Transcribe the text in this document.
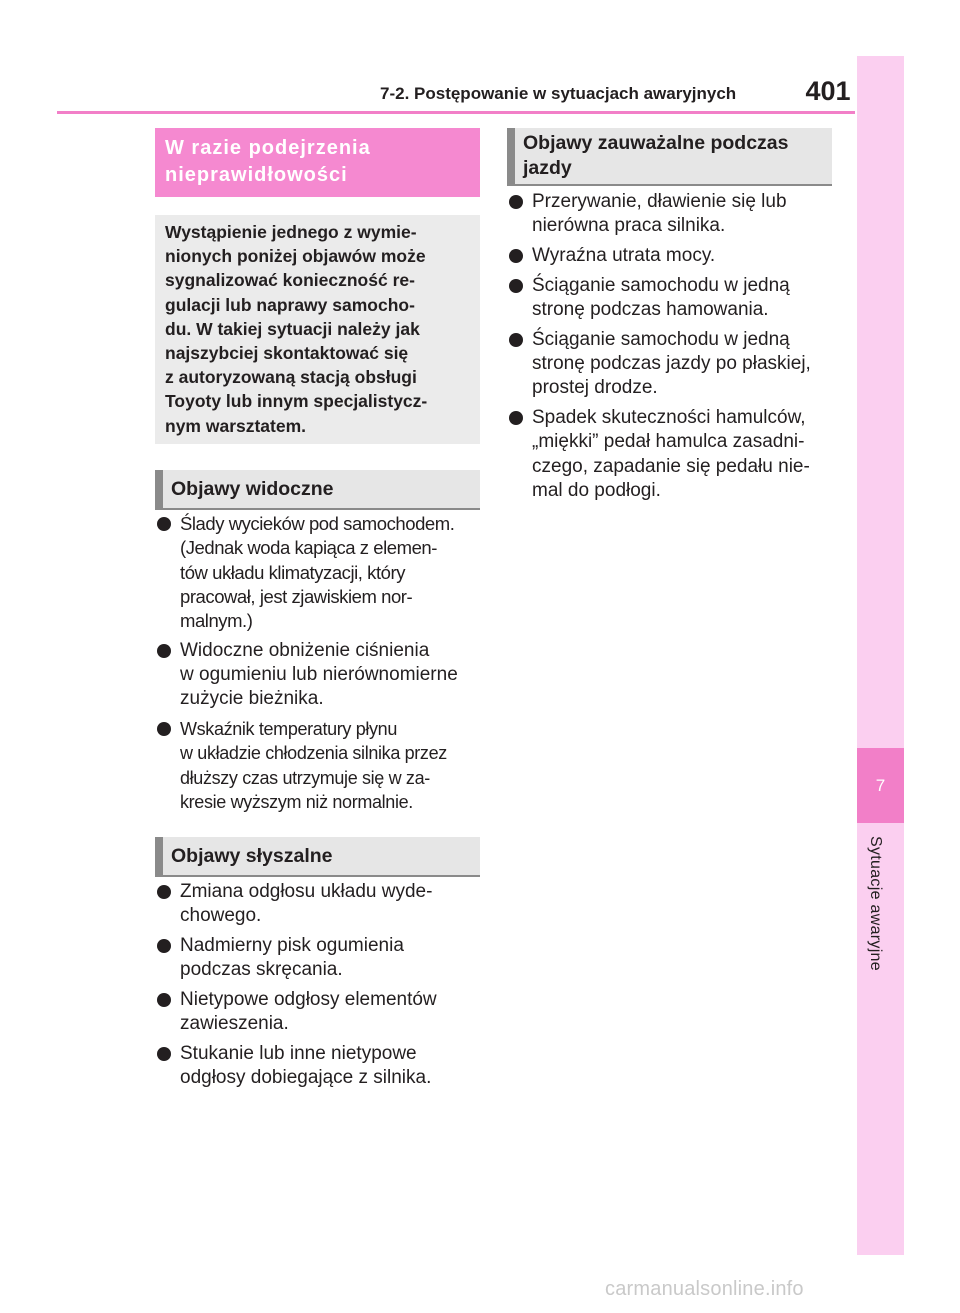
7-2. Postępowanie w sytuacjach awaryjnych	401
7
Sytuacje awaryjne
W razie podejrzenia nieprawidłowości
Wystąpienie jednego z wymie-
nionych poniżej objawów może
sygnalizować konieczność re-
gulacji lub naprawy samocho-
du. W takiej sytuacji należy jak
najszybciej skontaktować się
z autoryzowaną stacją obsługi
Toyoty lub innym specjalistycz-
nym warsztatem.
Objawy widoczne
Ślady wycieków pod samochodem.
(Jednak woda kapiąca z elemen-
tów układu klimatyzacji, który
pracował, jest zjawiskiem nor-
malnym.)
Widoczne obniżenie ciśnienia
w ogumieniu lub nierównomierne
zużycie bieżnika.
Wskaźnik temperatury płynu
w układzie chłodzenia silnika przez
dłuższy czas utrzymuje się w za-
kresie wyższym niż normalnie.
Objawy słyszalne
Zmiana odgłosu układu wyde-
chowego.
Nadmierny pisk ogumienia
podczas skręcania.
Nietypowe odgłosy elementów
zawieszenia.
Stukanie lub inne nietypowe
odgłosy dobiegające z silnika.
Objawy zauważalne podczas jazdy
Przerywanie, dławienie się lub
nierówna praca silnika.
Wyraźna utrata mocy.
Ściąganie samochodu w jedną
stronę podczas hamowania.
Ściąganie samochodu w jedną
stronę podczas jazdy po płaskiej,
prostej drodze.
Spadek skuteczności hamulców,
„miękki” pedał hamulca zasadni-
czego, zapadanie się pedału nie-
mal do podłogi.
carmanualsonline.info
